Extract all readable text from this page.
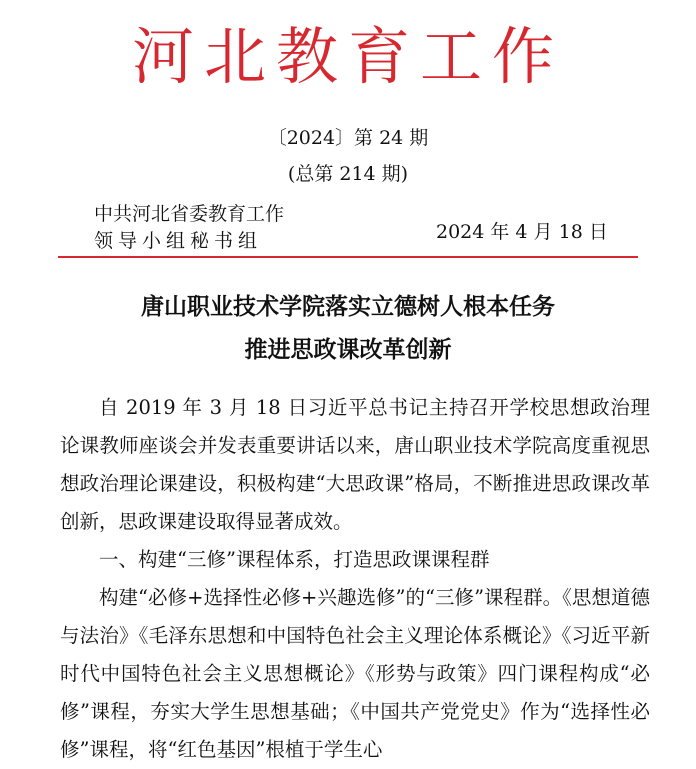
河北教育工作
〔2024〕第 24 期
(总第 214 期)
中共河北省委教育工作
领导小组秘书组	2024 年 4 月 18 日
唐山职业技术学院落实立德树人根本任务
推进思政课改革创新

自 2019 年 3 月 18 日习近平总书记主持召开学校思想政治理论课教师座谈会并发表重要讲话以来，唐山职业技术学院高度重视思想政治理论课建设，积极构建“大思政课”格局，不断推进思政课改革创新，思政课建设取得显著成效。

一、构建“三修”课程体系，打造思政课课程群

构建“必修+选择性必修+兴趣选修”的“三修”课程群。《思想道德与法治》《毛泽东思想和中国特色社会主义理论体系概论》《习近平新时代中国特色社会主义思想概论》《形势与政策》四门课程构成“必修”课程，夯实大学生思想基础；《中国共产党党史》作为“选择性必修”课程，将“红色基因”根植于学生心
